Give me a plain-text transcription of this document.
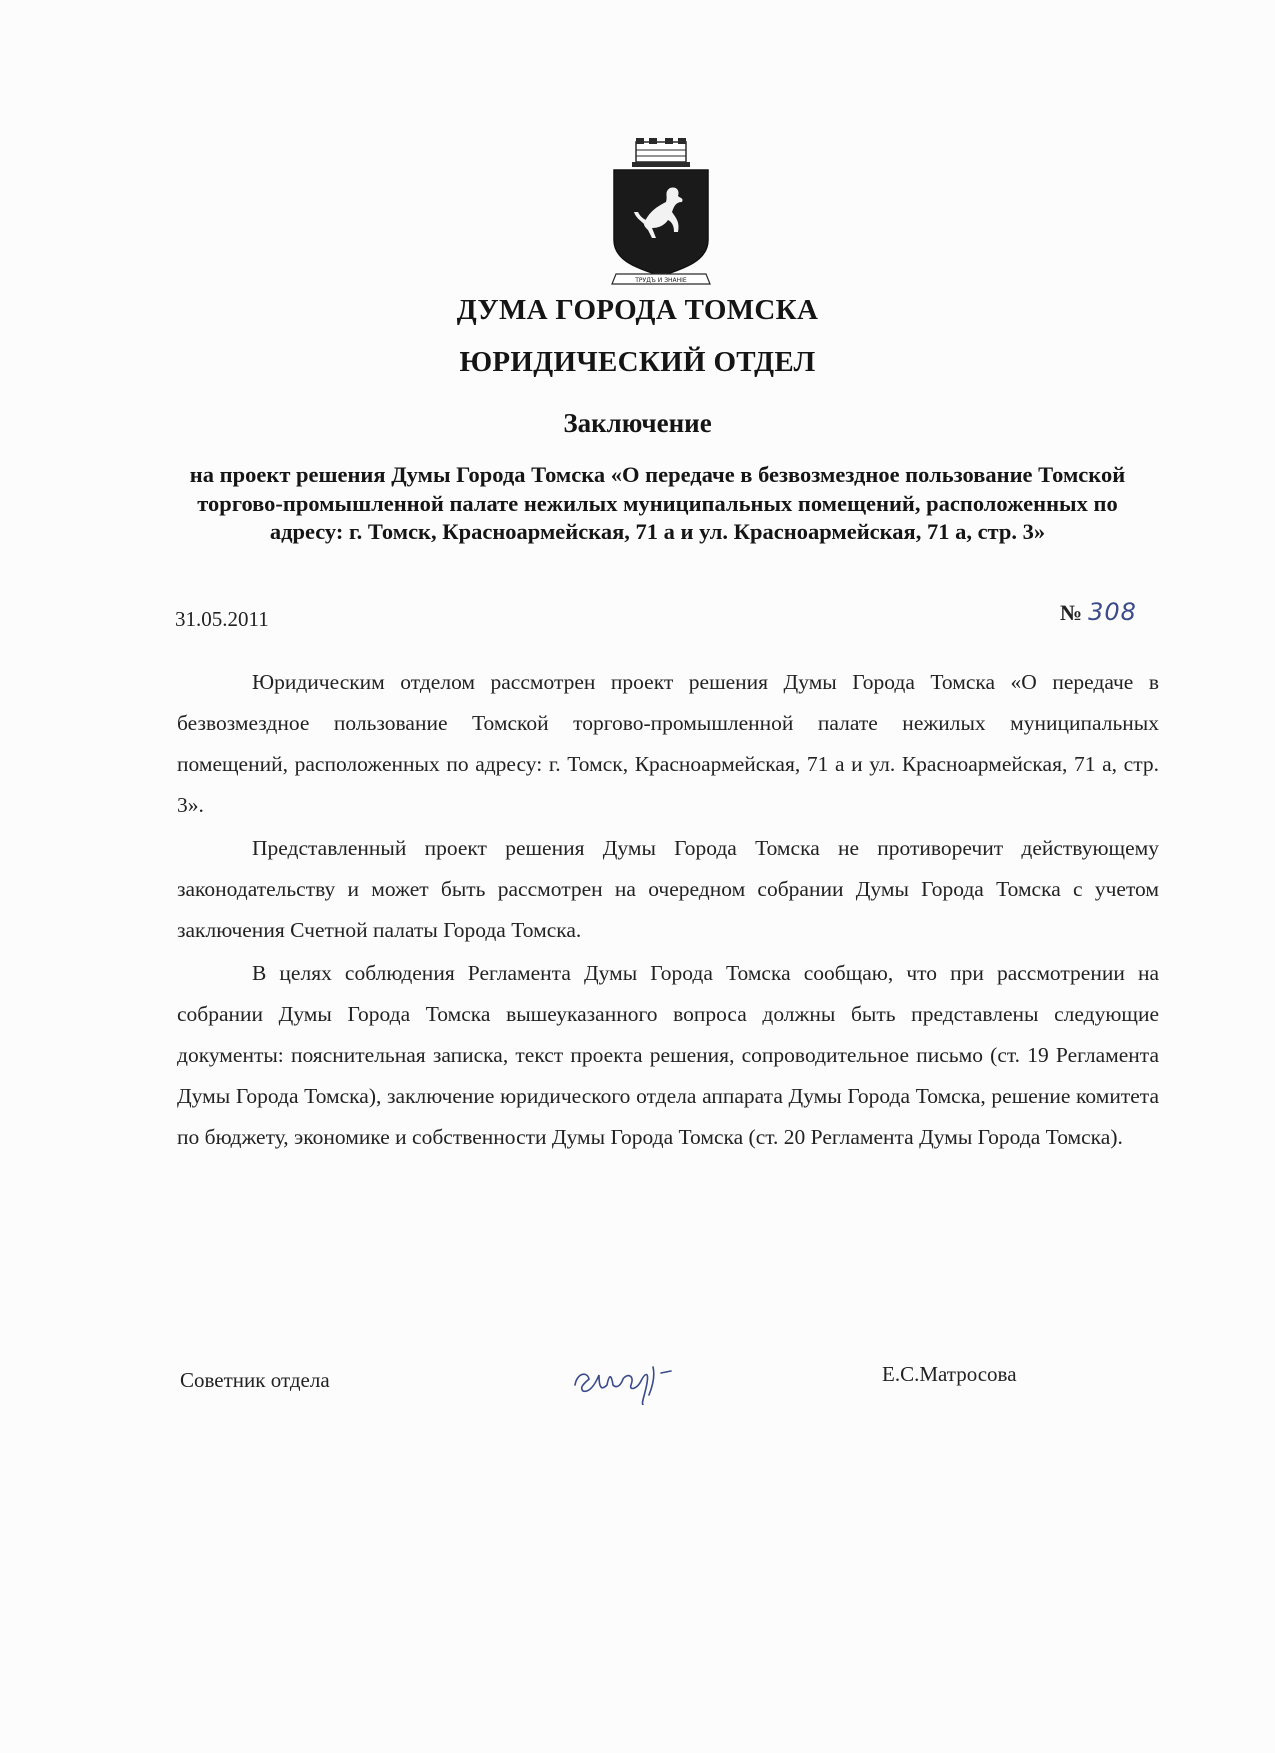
ТРУДЪ И ЗНАНIЕ
ДУМА ГОРОДА ТОМСКА
ЮРИДИЧЕСКИЙ ОТДЕЛ
Заключение
на проект решения Думы Города Томска «О передаче в безвозмездное пользование Томской торгово-промышленной палате нежилых муниципальных помещений, расположенных по адресу: г. Томск, Красноармейская, 71 а и ул. Красноармейская, 71 а, стр. 3»
31.05.2011	№ 308

Юридическим отделом рассмотрен проект решения Думы Города Томска «О передаче в безвозмездное пользование Томской торгово-промышленной палате нежилых муниципальных помещений, расположенных по адресу: г. Томск, Красноармейская, 71 а и ул. Красноармейская, 71 а, стр. 3».

Представленный проект решения Думы Города Томска не противоречит действующему законодательству и может быть рассмотрен на очередном собрании Думы Города Томска с учетом заключения Счетной палаты Города Томска.

В целях соблюдения Регламента Думы Города Томска сообщаю, что при рассмотрении на собрании Думы Города Томска вышеуказанного вопроса должны быть представлены следующие документы: пояснительная записка, текст проекта решения, сопроводительное письмо (ст. 19 Регламента Думы Города Томска), заключение юридического отдела аппарата Думы Города Томска, решение комитета по бюджету, экономике и собственности Думы Города Томска (ст. 20 Регламента Думы Города Томска).

Советник отдела	Е.С.Матросова
